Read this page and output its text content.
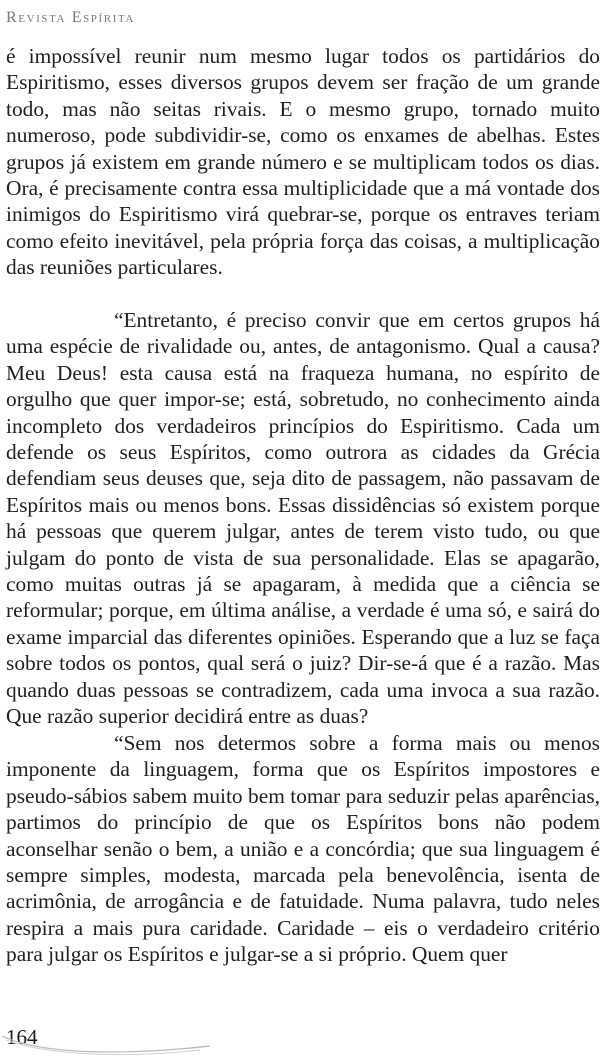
Revista Espírita

é impossível reunir num mesmo lugar todos os partidários do Espiritismo, esses diversos grupos devem ser fração de um grande todo, mas não seitas rivais. E o mesmo grupo, tornado muito numeroso, pode subdividir-se, como os enxames de abelhas. Estes grupos já existem em grande número e se multiplicam todos os dias. Ora, é precisamente contra essa multiplicidade que a má vontade dos inimigos do Espiritismo virá quebrar-se, porque os entraves teriam como efeito inevitável, pela própria força das coisas, a multiplicação das reuniões particulares.

“Entretanto, é preciso convir que em certos grupos há uma espécie de rivalidade ou, antes, de antagonismo. Qual a causa? Meu Deus! esta causa está na fraqueza humana, no espírito de orgulho que quer impor-se; está, sobretudo, no conhecimento ainda incompleto dos verdadeiros princípios do Espiritismo. Cada um defende os seus Espíritos, como outrora as cidades da Grécia defendiam seus deuses que, seja dito de passagem, não passavam de Espíritos mais ou menos bons. Essas dissidências só existem porque há pessoas que querem julgar, antes de terem visto tudo, ou que julgam do ponto de vista de sua personalidade. Elas se apagarão, como muitas outras já se apagaram, à medida que a ciência se reformular; porque, em última análise, a verdade é uma só, e sairá do exame imparcial das diferentes opiniões. Esperando que a luz se faça sobre todos os pontos, qual será o juiz? Dir-se-á que é a razão. Mas quando duas pessoas se contradizem, cada uma invoca a sua razão. Que razão superior decidirá entre as duas?

“Sem nos determos sobre a forma mais ou menos imponente da linguagem, forma que os Espíritos impostores e pseudo-sábios sabem muito bem tomar para seduzir pelas aparências, partimos do princípio de que os Espíritos bons não podem aconselhar senão o bem, a união e a concórdia; que sua linguagem é sempre simples, modesta, marcada pela benevolência, isenta de acrimônia, de arrogância e de fatuidade. Numa palavra, tudo neles respira a mais pura caridade. Caridade – eis o verdadeiro critério para julgar os Espíritos e julgar-se a si próprio. Quem quer

164
